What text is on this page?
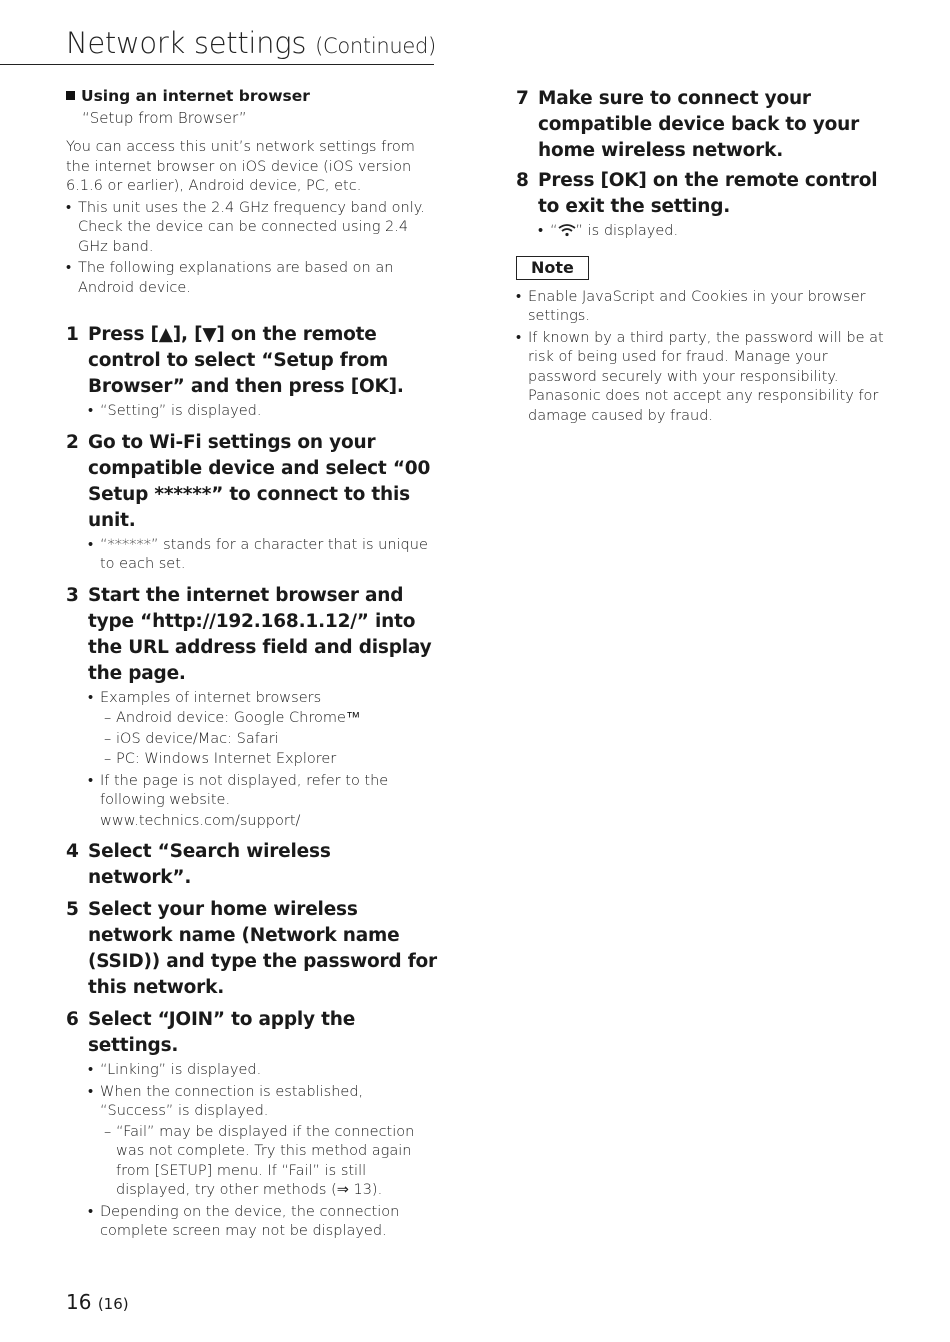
Network settings (Continued)

Using an internet browser

“Setup from Browser”

You can access this unit’s network settings from the internet browser on iOS device (iOS version 6.1.6 or earlier), Android device, PC, etc.

• This unit uses the 2.4 GHz frequency band only. Check the device can be connected using 2.4 GHz band.

• The following explanations are based on an Android device.

1 Press [▲], [▼] on the remote control to select “Setup from Browser” and then press [OK].

• “Setting” is displayed.

2 Go to Wi-Fi settings on your compatible device and select “00 Setup ******” to connect to this unit.

• “******” stands for a character that is unique to each set.

3 Start the internet browser and type “http://192.168.1.12/” into the URL address field and display the page.

• Examples of internet browsers

– Android device: Google Chrome™

– iOS device/Mac: Safari

– PC: Windows Internet Explorer

• If the page is not displayed, refer to the following website.

www.technics.com/support/

4 Select “Search wireless network”.

5 Select your home wireless network name (Network name (SSID)) and type the password for this network.

6 Select “JOIN” to apply the settings.

• “Linking” is displayed.

• When the connection is established, “Success” is displayed.

– “Fail” may be displayed if the connection was not complete. Try this method again from [SETUP] menu. If “Fail” is still displayed, try other methods (⇒ 13).

• Depending on the device, the connection complete screen may not be displayed.

7 Make sure to connect your compatible device back to your home wireless network.

8 Press [OK] on the remote control to exit the setting.

• “ ” is displayed.

Note

• Enable JavaScript and Cookies in your browser settings.

• If known by a third party, the password will be at risk of being used for fraud. Manage your password securely with your responsibility. Panasonic does not accept any responsibility for damage caused by fraud.

16 (16)
